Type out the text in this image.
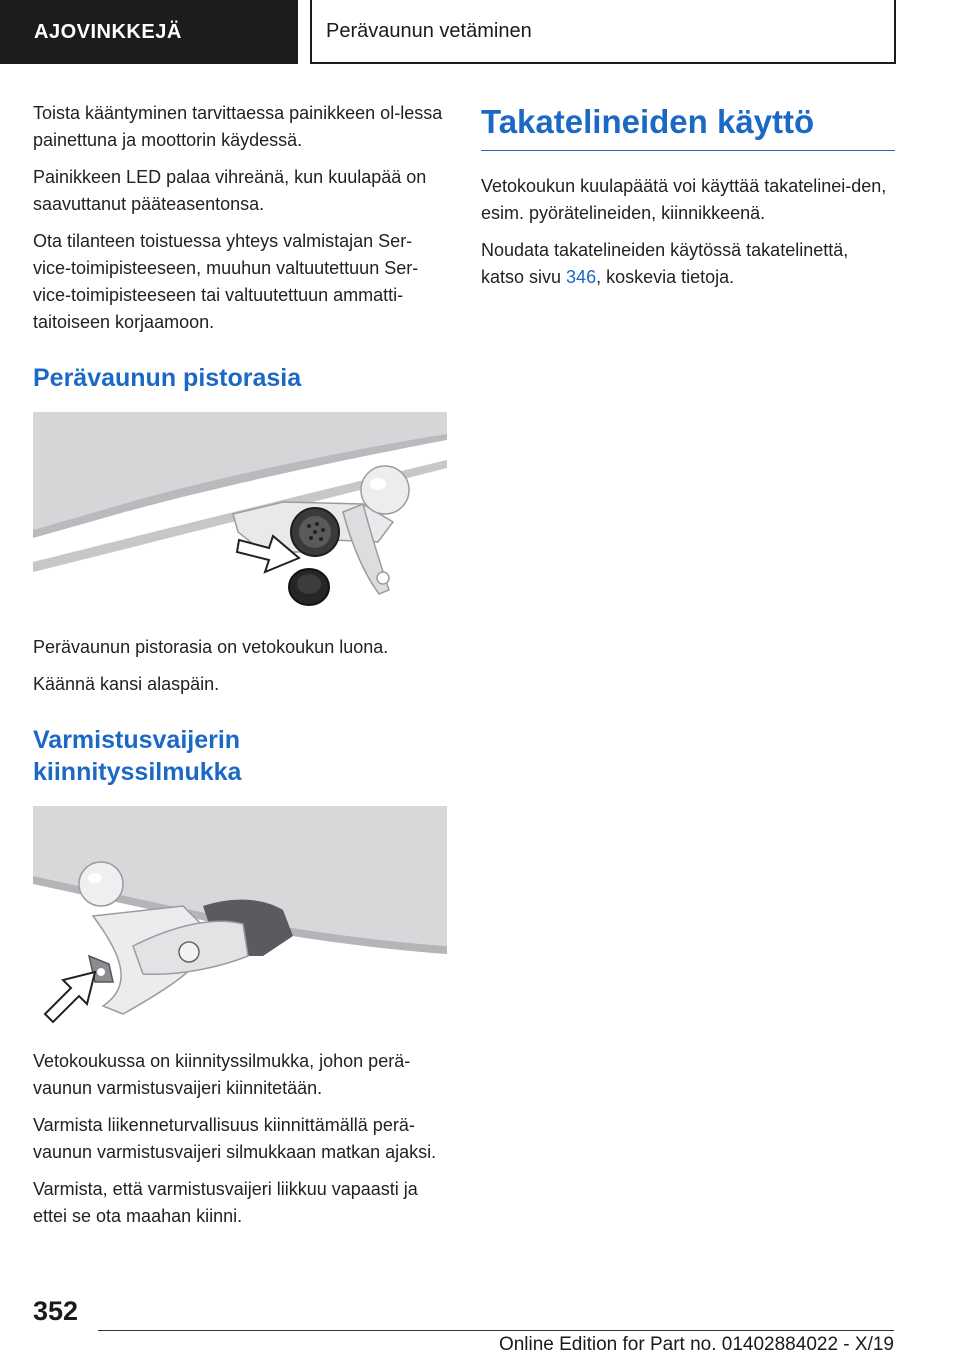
AJOVINKKEJÄ	Perävaunun vetäminen

Toista kääntyminen tarvittaessa painikkeen ol-lessa painettuna ja moottorin käydessä.

Painikkeen LED palaa vihreänä, kun kuulapää on saavuttanut pääteasentonsa.

Ota tilanteen toistuessa yhteys valmistajan Ser-vice-toimipisteeseen, muuhun valtuutettuun Ser-vice-toimipisteeseen tai valtuutettuun ammatti-taitoiseen korjaamoon.

Perävaunun pistorasia

Perävaunun pistorasia on vetokoukun luona.

Käännä kansi alaspäin.

Varmistusvaijerin
kiinnityssilmukka

Vetokoukussa on kiinnityssilmukka, johon perä-vaunun varmistusvaijeri kiinnitetään.

Varmista liikenneturvallisuus kiinnittämällä perä-vaunun varmistusvaijeri silmukkaan matkan ajaksi.

Varmista, että varmistusvaijeri liikkuu vapaasti ja ettei se ota maahan kiinni.

Takatelineiden käyttö

Vetokoukun kuulapäätä voi käyttää takatelinei-den, esim. pyörätelineiden, kiinnikkeenä.

Noudata takatelineiden käytössä takatelinettä, katso sivu 346, koskevia tietoja.

352
Online Edition for Part no. 01402884022 - X/19
